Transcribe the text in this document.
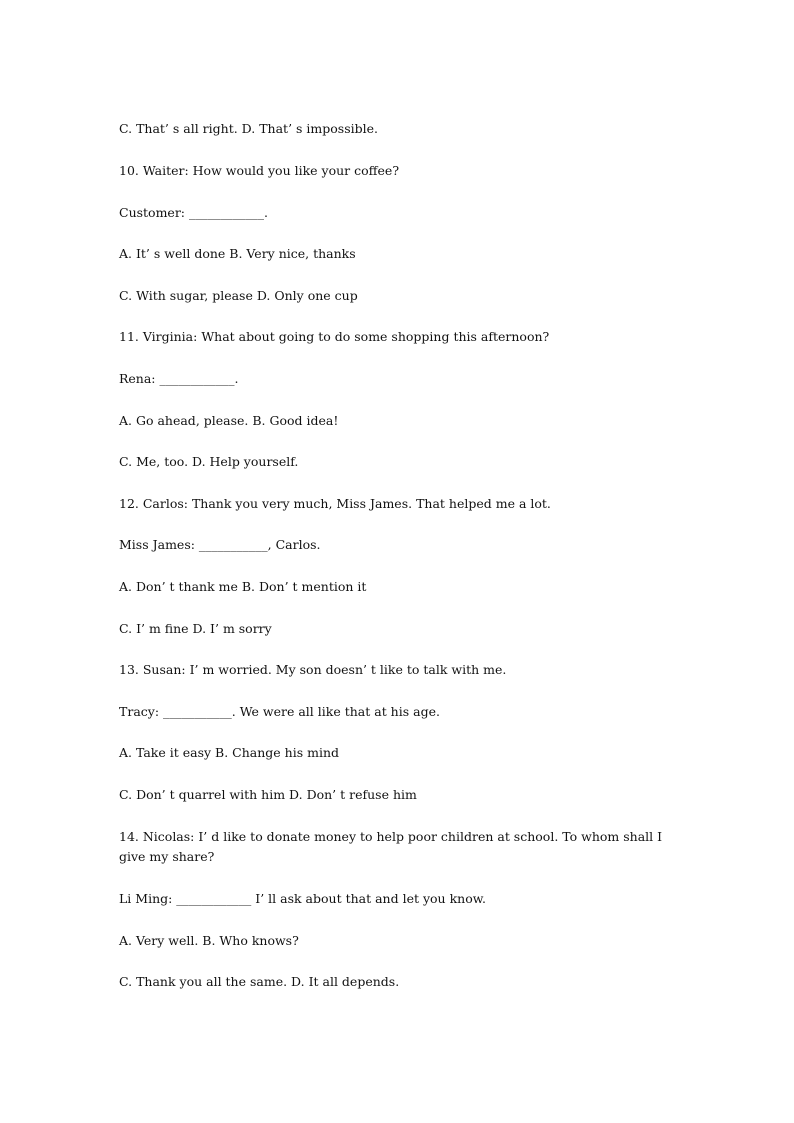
C. That’ s all right. D. That’ s impossible.
10. Waiter: How would you like your coffee?
Customer: ____________.
A. It’ s well done B. Very nice, thanks
C. With sugar, please D. Only one cup
11. Virginia: What about going to do some shopping this afternoon?
Rena: ____________.
A. Go ahead, please. B. Good idea!
C. Me, too. D. Help yourself.
12. Carlos: Thank you very much, Miss James. That helped me a lot.
Miss James: ___________, Carlos.
A. Don’ t thank me B. Don’ t mention it
C. I’ m fine D. I’ m sorry
13. Susan: I’ m worried. My son doesn’ t like to talk with me.
Tracy: ___________. We were all like that at his age.
A. Take it easy B. Change his mind
C. Don’ t quarrel with him D. Don’ t refuse him
14. Nicolas: I’ d like to donate money to help poor children at school. To whom shall I give my share?
Li Ming: ____________ I’ ll ask about that and let you know.
A. Very well. B. Who knows?
C. Thank you all the same. D. It all depends.
